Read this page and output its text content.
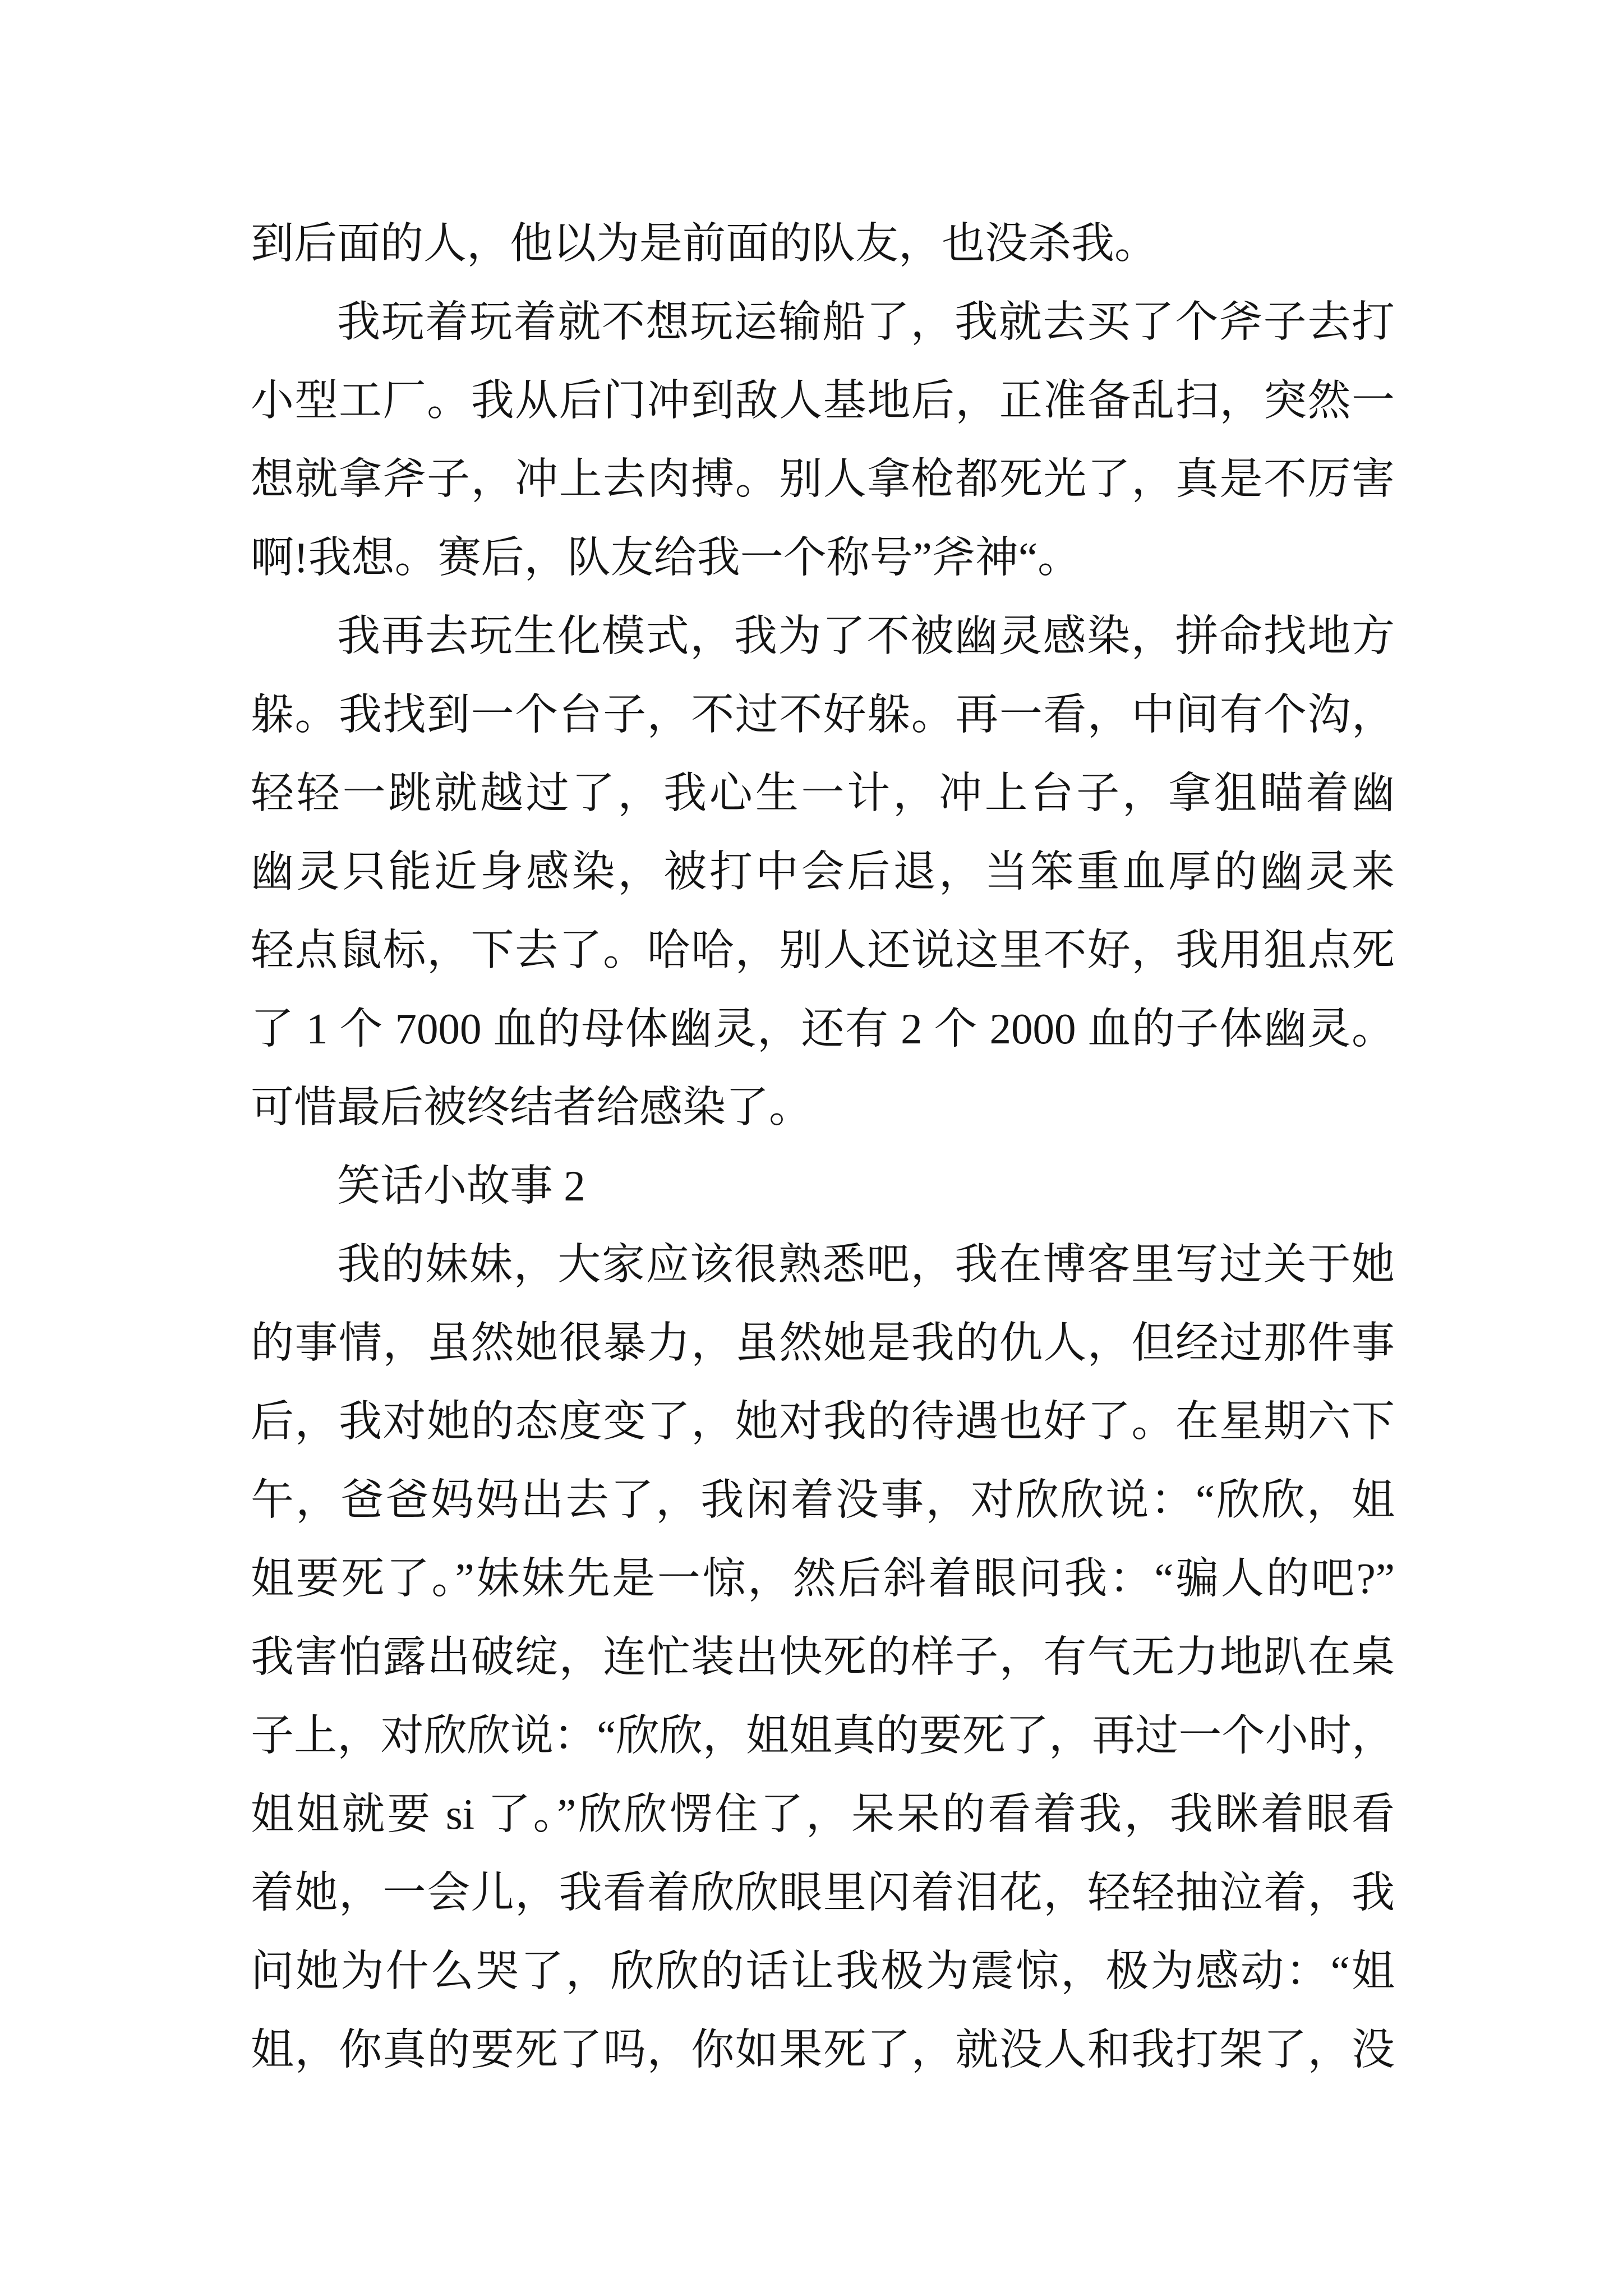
到后面的人，他以为是前面的队友，也没杀我。
我玩着玩着就不想玩运输船了，我就去买了个斧子去打
小型工厂。我从后门冲到敌人基地后，正准备乱扫，突然一
想就拿斧子，冲上去肉搏。别人拿枪都死光了，真是不厉害
啊!我想。赛后，队友给我一个称号”斧神“。
我再去玩生化模式，我为了不被幽灵感染，拼命找地方
躲。我找到一个台子，不过不好躲。再一看，中间有个沟，
轻轻一跳就越过了，我心生一计，冲上台子，拿狙瞄着幽
幽灵只能近身感染，被打中会后退，当笨重血厚的幽灵来
轻点鼠标，下去了。哈哈，别人还说这里不好，我用狙点死
了 1 个 7000 血的母体幽灵，还有 2 个 2000 血的子体幽灵。
可惜最后被终结者给感染了。
笑话小故事 2
我的妹妹，大家应该很熟悉吧，我在博客里写过关于她
的事情，虽然她很暴力，虽然她是我的仇人，但经过那件事
后，我对她的态度变了，她对我的待遇也好了。在星期六下
午，爸爸妈妈出去了，我闲着没事，对欣欣说：“欣欣，姐
姐要死了。”妹妹先是一惊，然后斜着眼问我：“骗人的吧?”
我害怕露出破绽，连忙装出快死的样子，有气无力地趴在桌
子上，对欣欣说：“欣欣，姐姐真的要死了，再过一个小时，
姐姐就要 si 了。”欣欣愣住了，呆呆的看着我，我眯着眼看
着她，一会儿，我看着欣欣眼里闪着泪花，轻轻抽泣着，我
问她为什么哭了，欣欣的话让我极为震惊，极为感动：“姐
姐，你真的要死了吗，你如果死了，就没人和我打架了，没
